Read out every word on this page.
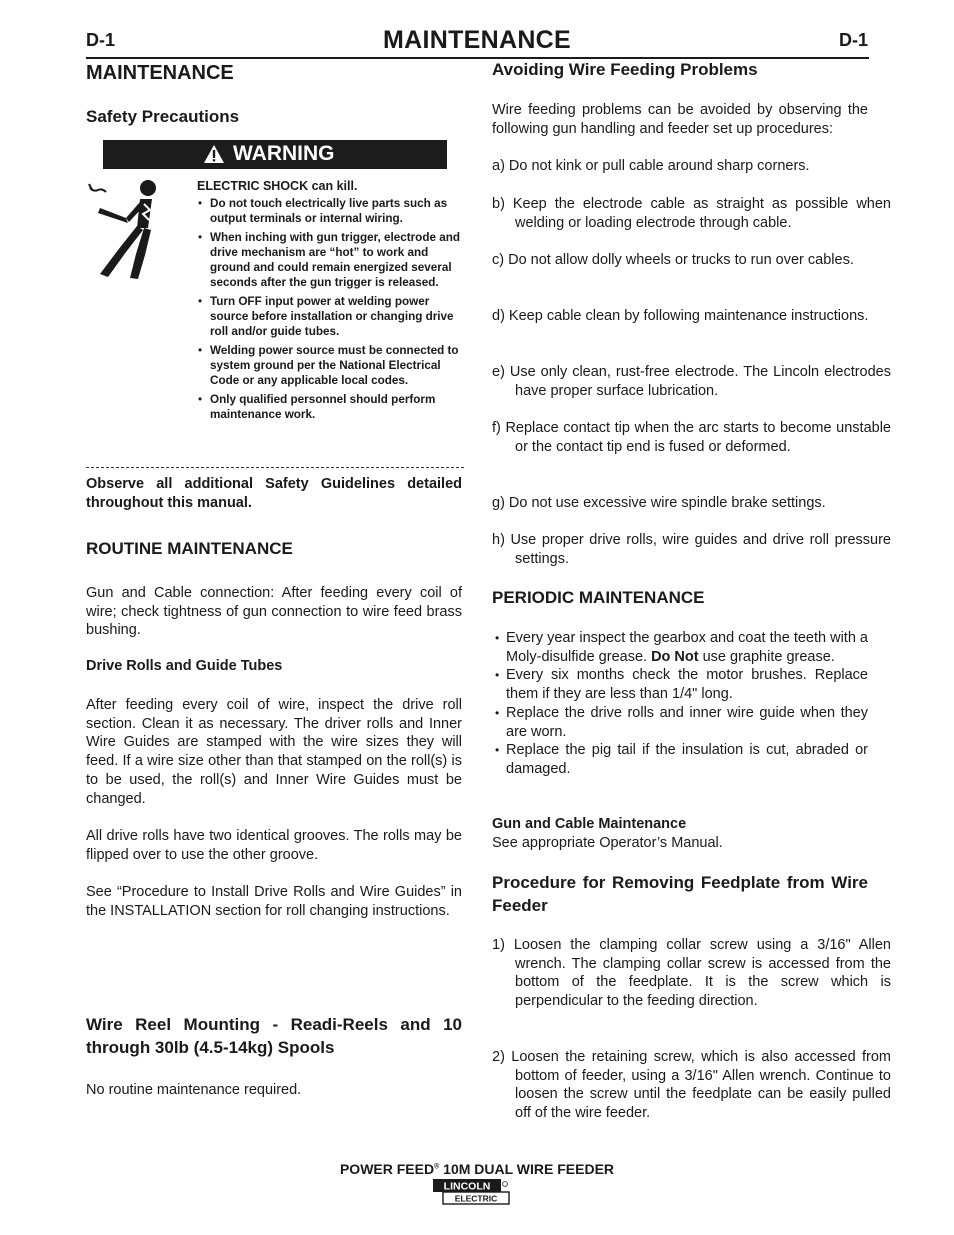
D-1	MAINTENANCE	D-1
MAINTENANCE
Safety Precautions
WARNING
ELECTRIC SHOCK can kill.
• Do not touch electrically live parts such as output terminals or internal wiring.
• When inching with gun trigger, electrode and drive mechanism are “hot” to work and ground and could remain energized several seconds after the gun trigger is released.
• Turn OFF input power at welding power source before installation or changing drive roll and/or guide tubes.
• Welding power source must be connected to system ground per the National Electrical Code or any applicable local codes.
• Only qualified personnel should perform maintenance work.

Observe all additional Safety Guidelines detailed throughout this manual.

ROUTINE MAINTENANCE

Gun and Cable connection: After feeding every coil of wire; check tightness of gun connection to wire feed brass bushing.

Drive Rolls and Guide Tubes

After feeding every coil of wire, inspect the drive roll section. Clean it as necessary. The driver rolls and Inner Wire Guides are stamped with the wire sizes they will feed. If a wire size other than that stamped on the roll(s) is to be used, the roll(s) and Inner Wire Guides must be changed.

All drive rolls have two identical grooves. The rolls may be flipped over to use the other groove.

See “Procedure to Install Drive Rolls and Wire Guides” in the INSTALLATION section for roll changing instructions.

Wire Reel Mounting - Readi-Reels and 10 through 30lb (4.5-14kg) Spools

No routine maintenance required.

Avoiding Wire Feeding Problems

Wire feeding problems can be avoided by observing the following gun handling and feeder set up procedures:

a) Do not kink or pull cable around sharp corners.

b) Keep the electrode cable as straight as possible when welding or loading electrode through cable.

c) Do not allow dolly wheels or trucks to run over cables.

d) Keep cable clean by following maintenance instructions.

e) Use only clean, rust-free electrode. The Lincoln electrodes have proper surface lubrication.

f) Replace contact tip when the arc starts to become unstable or the contact tip end is fused or deformed.

g) Do not use excessive wire spindle brake settings.

h) Use proper drive rolls, wire guides and drive roll pressure settings.

PERIODIC MAINTENANCE
• Every year inspect the gearbox and coat the teeth with a Moly-disulfide grease. Do Not use graphite grease.
• Every six months check the motor brushes. Replace them if they are less than 1/4" long.
• Replace the drive rolls and inner wire guide when they are worn.
• Replace the pig tail if the insulation is cut, abraded or damaged.
Gun and Cable Maintenance
See appropriate Operator’s Manual.
Procedure for Removing Feedplate from Wire Feeder

1) Loosen the clamping collar screw using a 3/16" Allen wrench. The clamping collar screw is accessed from the bottom of the feedplate. It is the screw which is perpendicular to the feeding direction.

2) Loosen the retaining screw, which is also accessed from bottom of feeder, using a 3/16" Allen wrench. Continue to loosen the screw until the feedplate can be easily pulled off of the wire feeder.

POWER FEED® 10M DUAL WIRE FEEDER
LINCOLN
ELECTRIC
